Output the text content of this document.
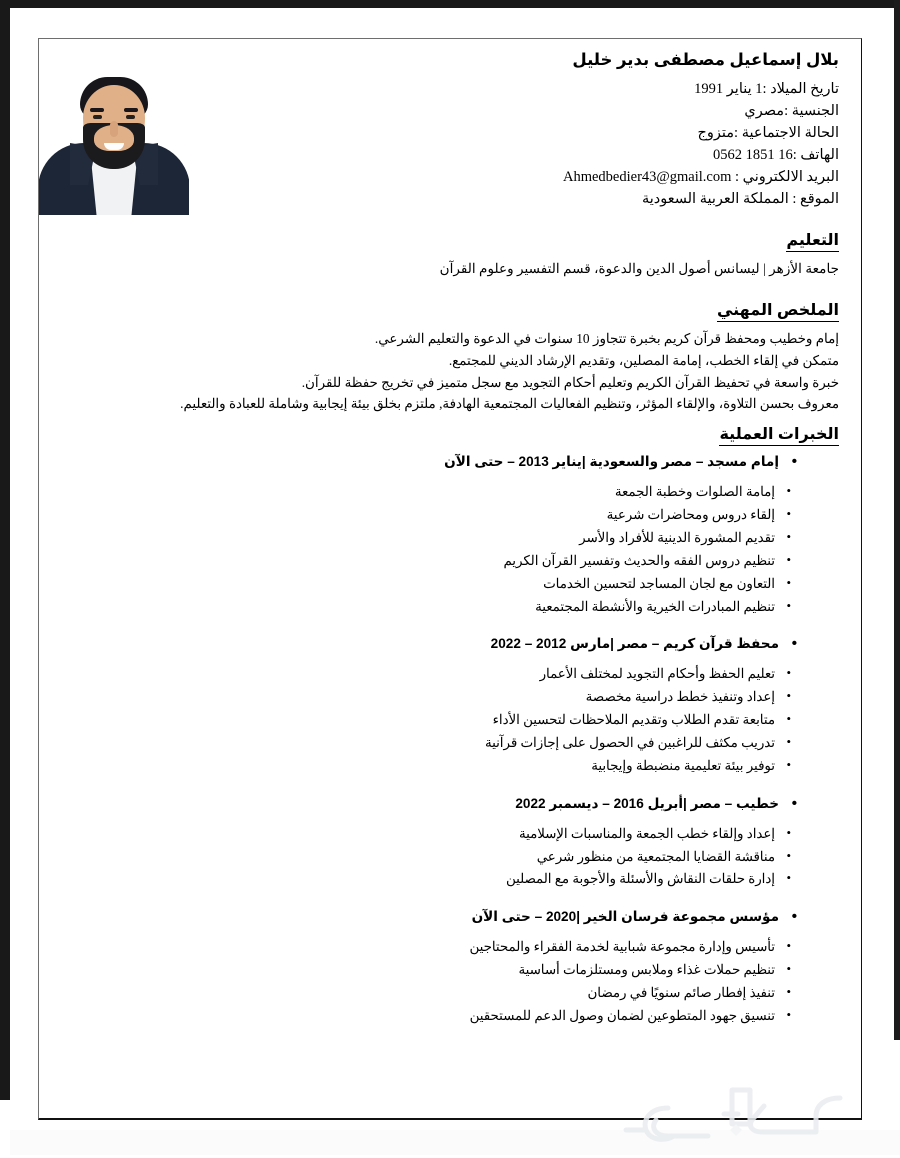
بلال إسماعيل مصطفى بدير خليل
تاريخ الميلاد :1 يناير 1991
الجنسية :مصري
الحالة الاجتماعية :متزوج
الهاتف :16 1851 0562
البريد الالكتروني : Ahmedbedier43@gmail.com
الموقع : المملكة العربية السعودية
التعليم
جامعة الأزهر | ليسانس أصول الدين والدعوة، قسم التفسير وعلوم القرآن
الملخص المهني
إمام وخطيب ومحفظ قرآن كريم بخبرة تتجاوز 10 سنوات في الدعوة والتعليم الشرعي.
متمكن في إلقاء الخطب، إمامة المصلين، وتقديم الإرشاد الديني للمجتمع.
خبرة واسعة في تحفيظ القرآن الكريم وتعليم أحكام التجويد مع سجل متميز في تخريج حفظة للقرآن.
معروف بحسن التلاوة، والإلقاء المؤثر، وتنظيم الفعاليات المجتمعية الهادفة, ملتزم بخلق بيئة إيجابية وشاملة للعبادة والتعليم.
الخبرات العملية
• إمام مسجد – مصر والسعودية |يناير 2013 – حتى الآن
• إمامة الصلوات وخطبة الجمعة
• إلقاء دروس ومحاضرات شرعية
• تقديم المشورة الدينية للأفراد والأسر
• تنظيم دروس الفقه والحديث وتفسير القرآن الكريم
• التعاون مع لجان المساجد لتحسين الخدمات
• تنظيم المبادرات الخيرية والأنشطة المجتمعية
• محفظ قرآن كريم – مصر |مارس 2012 – 2022
• تعليم الحفظ وأحكام التجويد لمختلف الأعمار
• إعداد وتنفيذ خطط دراسية مخصصة
• متابعة تقدم الطلاب وتقديم الملاحظات لتحسين الأداء
• تدريب مكثف للراغبين في الحصول على إجازات قرآنية
• توفير بيئة تعليمية منضبطة وإيجابية
• خطيب – مصر |أبريل 2016 – ديسمبر 2022
• إعداد وإلقاء خطب الجمعة والمناسبات الإسلامية
• مناقشة القضايا المجتمعية من منظور شرعي
• إدارة حلقات النقاش والأسئلة والأجوبة مع المصلين
• مؤسس مجموعة فرسان الخير |2020 – حتى الآن
• تأسيس وإدارة مجموعة شبابية لخدمة الفقراء والمحتاجين
• تنظيم حملات غذاء وملابس ومستلزمات أساسية
• تنفيذ إفطار صائم سنويًا في رمضان
• تنسيق جهود المتطوعين لضمان وصول الدعم للمستحقين
